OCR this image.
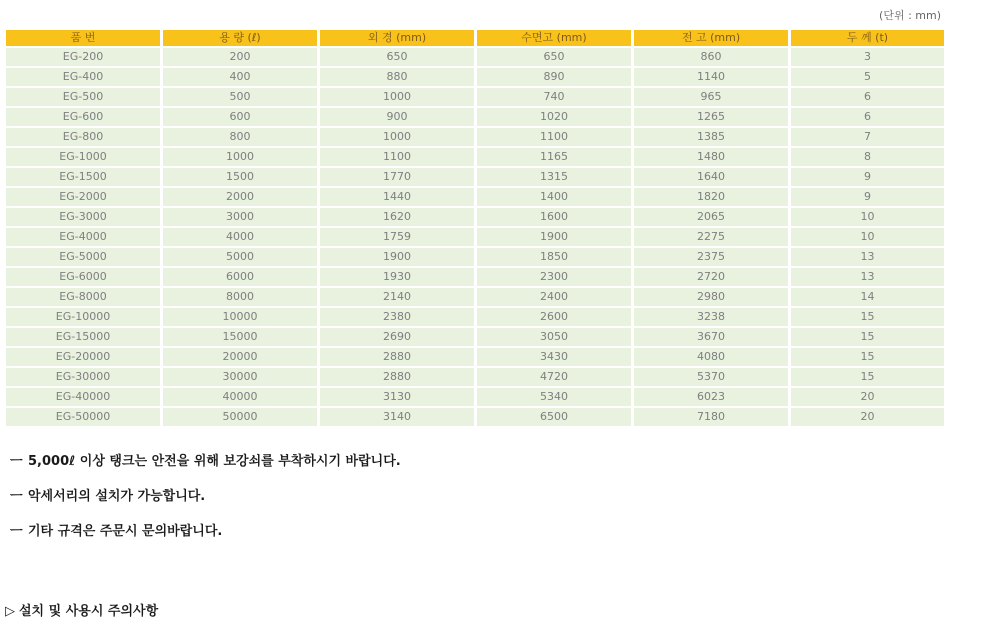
(단위 : mm)
품 번	용 량 (ℓ)	외 경 (mm)	수면고 (mm)	전 고 (mm)	두 께 (t)
EG-200	200	650	650	860	3
EG-400	400	880	890	1140	5
EG-500	500	1000	740	965	6
EG-600	600	900	1020	1265	6
EG-800	800	1000	1100	1385	7
EG-1000	1000	1100	1165	1480	8
EG-1500	1500	1770	1315	1640	9
EG-2000	2000	1440	1400	1820	9
EG-3000	3000	1620	1600	2065	10
EG-4000	4000	1759	1900	2275	10
EG-5000	5000	1900	1850	2375	13
EG-6000	6000	1930	2300	2720	13
EG-8000	8000	2140	2400	2980	14
EG-10000	10000	2380	2600	3238	15
EG-15000	15000	2690	3050	3670	15
EG-20000	20000	2880	3430	4080	15
EG-30000	30000	2880	4720	5370	15
EG-40000	40000	3130	5340	6023	20
EG-50000	50000	3140	6500	7180	20
ㅡ 5,000ℓ 이상 탱크는 안전을 위해 보강쇠를 부착하시기 바랍니다.
ㅡ 악세서리의 설치가 가능합니다.
ㅡ 기타 규격은 주문시 문의바랍니다.
▷ 설치 및 사용시 주의사항
